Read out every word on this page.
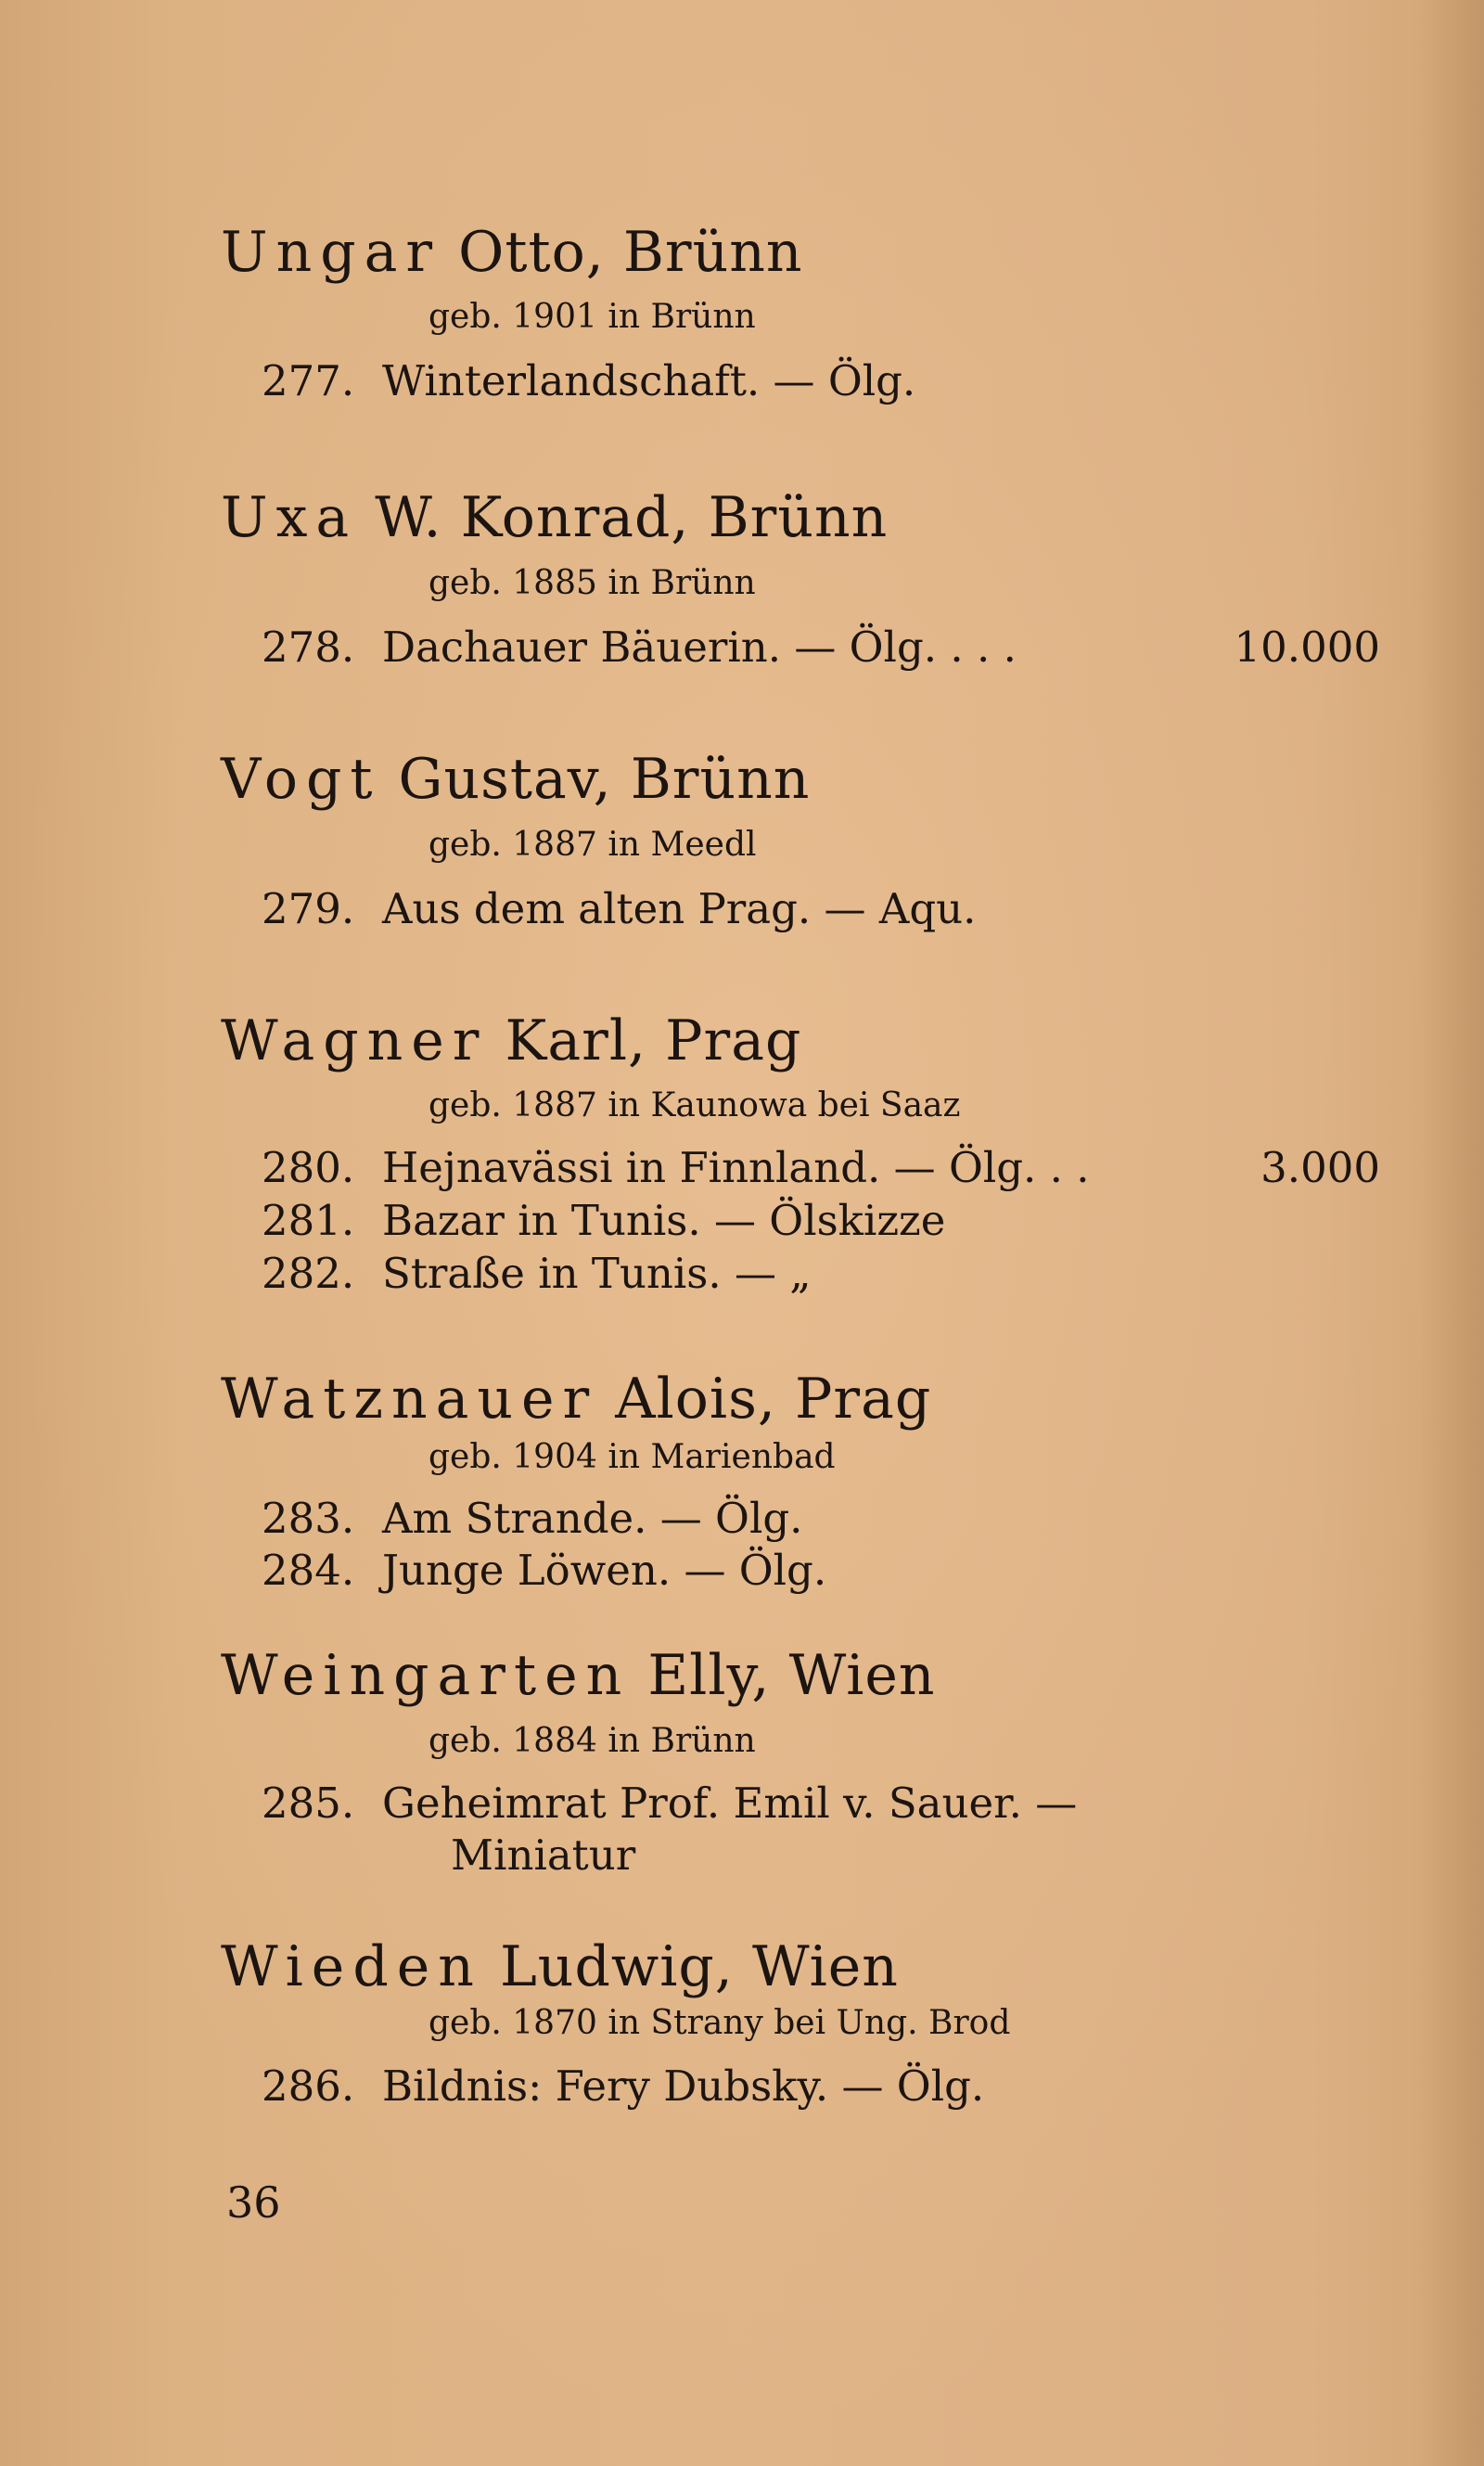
Ungar Otto, Brünn
geb. 1901 in Brünn
277. Winterlandschaft. — Ölg.
Uxa W. Konrad, Brünn
geb. 1885 in Brünn
278. Dachauer Bäuerin. — Ölg. . . .	10.000
Vogt Gustav, Brünn
geb. 1887 in Meedl
279. Aus dem alten Prag. — Aqu.
Wagner Karl, Prag
geb. 1887 in Kaunowa bei Saaz
280. Hejnavässi in Finnland. — Ölg. . .	3.000
281. Bazar in Tunis. — Ölskizze
282. Straße in Tunis. — „
Watznauer Alois, Prag
geb. 1904 in Marienbad
283. Am Strande. — Ölg.
284. Junge Löwen. — Ölg.
Weingarten Elly, Wien
geb. 1884 in Brünn
285. Geheimrat Prof. Emil v. Sauer. —
Miniatur
Wieden Ludwig, Wien
geb. 1870 in Strany bei Ung. Brod
286. Bildnis: Fery Dubsky. — Ölg.
36
